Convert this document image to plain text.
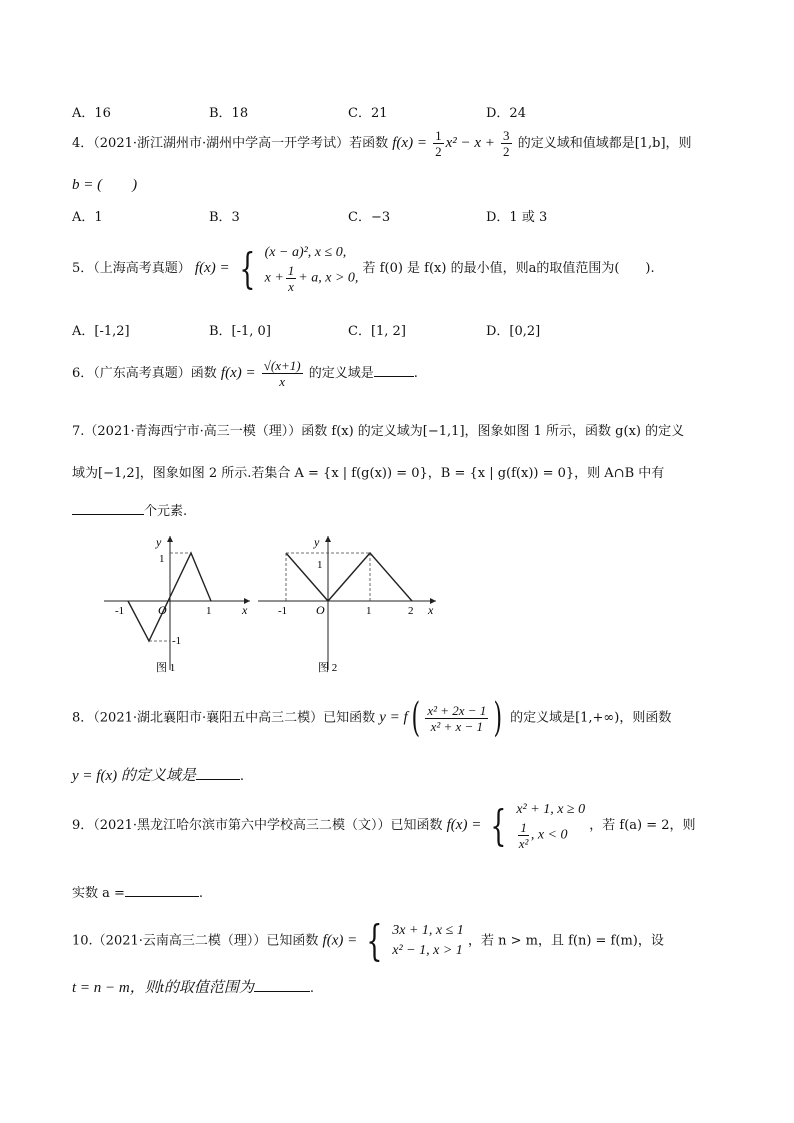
A．16	B．18	C．21	D．24
4．（2021·浙江湖州市·湖州中学高一开学考试）若函数 $f(x) = \frac{1}{2} x^2 - x + \frac{3}{2}$ 的定义域和值域都是[1,b]，则
b = (　　)
A．1	B．3	C．−3	D．1 或 3
5．（上海高考真题） f(x) = { (x − a)², x ≤ 0,
$x + \frac{1}{x} + a$, x > 0,
若 f(0) 是 f(x) 的最小值，则a的取值范围为(　　).
A．[-1,2]	B．[-1, 0]	C．[1, 2]	D．[0,2]
6．（广东高考真题）函数 $f(x) = \frac{√(x+1)}{x}$ 的定义域是	.
7.（2021·青海西宁市·高三一模（理））函数 f(x) 的定义域为[−1,1]，图象如图 1 所示，函数 g(x) 的定义
域为[−1,2]，图象如图 2 所示.若集合 A = {x | f(g(x)) = 0}，B = {x | g(f(x)) = 0}，则 A∩B 中有
个元素.
y
x
O
-1	1
1
-1
图 1
y
x
O
-1	1	2
1
图 2
8．（2021·湖北襄阳市·襄阳五中高三二模）已知函数 $y = f( \frac{\text{x² + 2x − 1}}{\text{x² + x − 1}}$ ) 的定义域是[1,+∞)，则函数
y = f(x) 的定义域是	.
9．（2021·黑龙江哈尔滨市第六中学校高三二模（文））已知函数 f(x) = { x² + 1, x ≥ 0
$\frac{1}{\text{x²}}$ , x < 0
，若 f(a) = 2，则
实数 a =	.
10.（2021·云南高三二模（理））已知函数 f(x) = { 3x + 1, x ≤ 1
x² − 1, x > 1
，若 n > m，且 f(n) = f(m)，设
t = n − m，则t的取值范围为	.
